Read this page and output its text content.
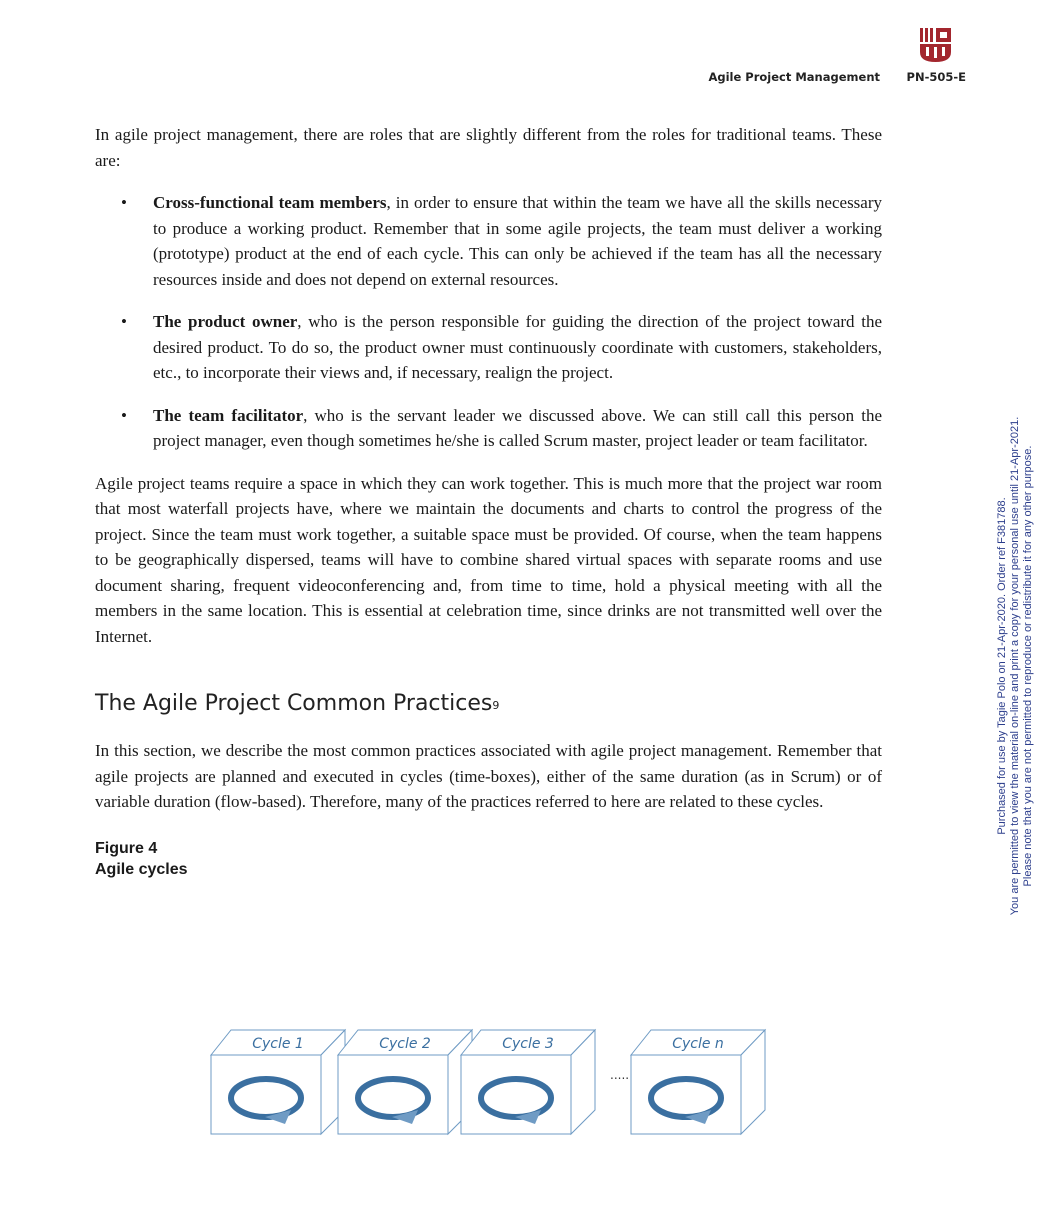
Agile Project Management PN-505-E

In agile project management, there are roles that are slightly different from the roles for traditional teams. These are:

• Cross-functional team members, in order to ensure that within the team we have all the skills necessary to produce a working product. Remember that in some agile projects, the team must deliver a working (prototype) product at the end of each cycle. This can only be achieved if the team has all the necessary resources inside and does not depend on external resources.
• The product owner, who is the person responsible for guiding the direction of the project toward the desired product. To do so, the product owner must continuously coordinate with customers, stakeholders, etc., to incorporate their views and, if necessary, realign the project.
• The team facilitator, who is the servant leader we discussed above. We can still call this person the project manager, even though sometimes he/she is called Scrum master, project leader or team facilitator.

Agile project teams require a space in which they can work together. This is much more that the project war room that most waterfall projects have, where we maintain the documents and charts to control the progress of the project. Since the team must work together, a suitable space must be provided. Of course, when the team happens to be geographically dispersed, teams will have to combine shared virtual spaces with separate rooms and use document sharing, frequent videoconferencing and, from time to time, hold a physical meeting with all the members in the same location. This is essential at celebration time, since drinks are not transmitted well over the Internet.

The Agile Project Common Practices$^9$

In this section, we describe the most common practices associated with agile project management. Remember that agile projects are planned and executed in cycles (time-boxes), either of the same duration (as in Scrum) or of variable duration (flow-based). Therefore, many of the practices referred to here are related to these cycles.

Figure 4
Agile cycles
Cycle 1	Cycle 2	Cycle 3
.....
Cycle n
Purchased for use by Tagie Polo on 21-Apr-2020. Order ref F381788. You are permitted to view the material on-line and print a copy for your personal use until 21-Apr-2021. Please note that you are not permitted to reproduce or redistribute it for any other purpose.
